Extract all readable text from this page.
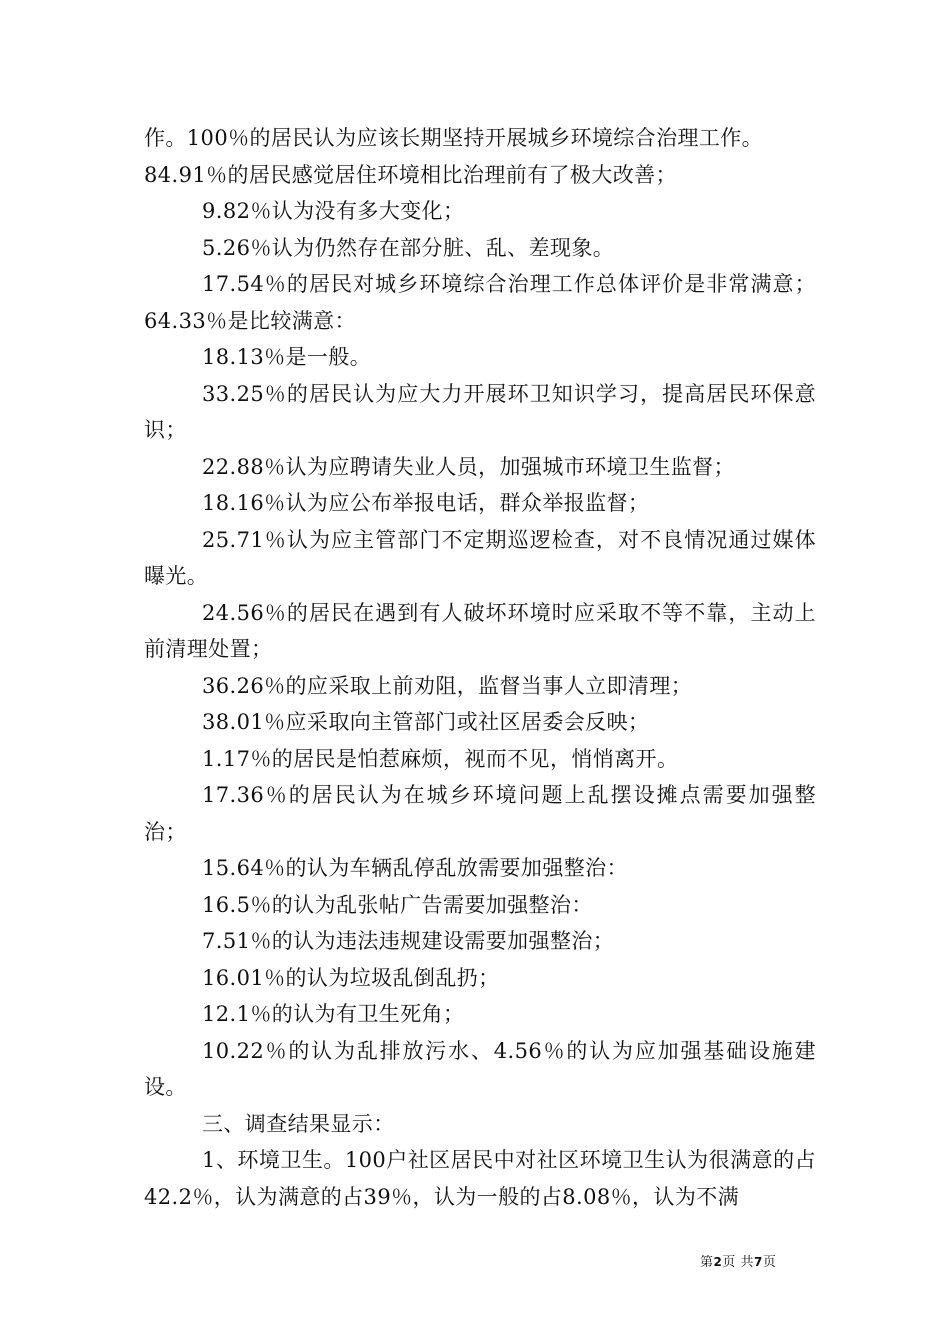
作。100％的居民认为应该长期坚持开展城乡环境综合治理工作。

84.91％的居民感觉居住环境相比治理前有了极大改善；

9.82％认为没有多大变化；

5.26％认为仍然存在部分脏、乱、差现象。

17.54％的居民对城乡环境综合治理工作总体评价是非常满意；64.33％是比较满意：

18.13％是一般。

33.25％的居民认为应大力开展环卫知识学习，提高居民环保意识；

22.88％认为应聘请失业人员，加强城市环境卫生监督；

18.16％认为应公布举报电话，群众举报监督；

25.71％认为应主管部门不定期巡逻检查，对不良情况通过媒体曝光。

24.56％的居民在遇到有人破坏环境时应采取不等不靠，主动上前清理处置；

36.26％的应采取上前劝阻，监督当事人立即清理；

38.01％应采取向主管部门或社区居委会反映；

1.17％的居民是怕惹麻烦，视而不见，悄悄离开。

17.36％的居民认为在城乡环境问题上乱摆设摊点需要加强整治；

15.64％的认为车辆乱停乱放需要加强整治：

16.5％的认为乱张帖广告需要加强整治：

7.51％的认为违法违规建设需要加强整治；

16.01％的认为垃圾乱倒乱扔；

12.1％的认为有卫生死角；

10.22％的认为乱排放污水、4.56％的认为应加强基础设施建设。

三、调查结果显示：

1、环境卫生。100户社区居民中对社区环境卫生认为很满意的占42.2％，认为满意的占39％，认为一般的占8.08％，认为不满

第2页 共7页
